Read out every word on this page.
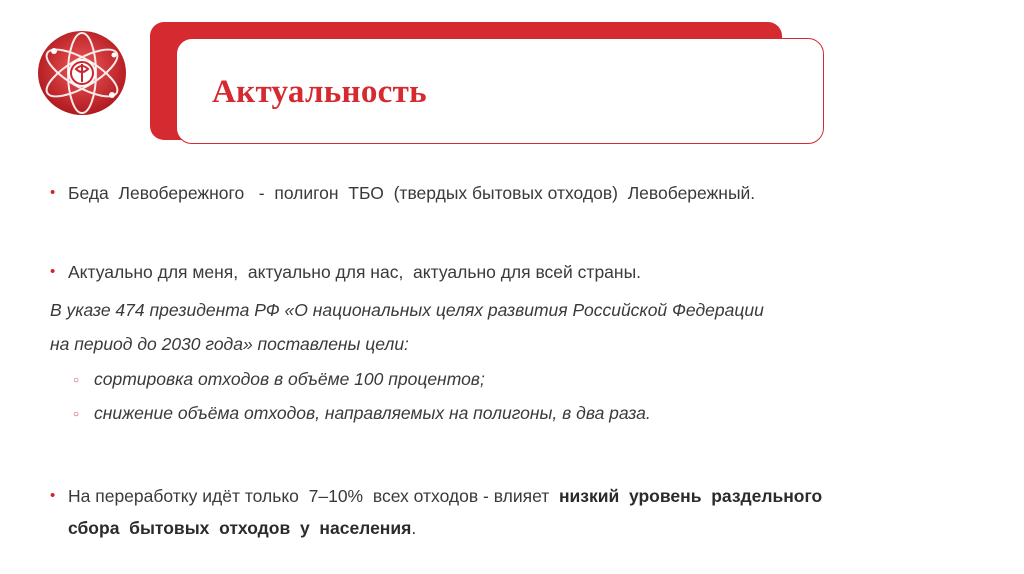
Актуальность
• Беда  Левобережного   -  полигон  ТБО  (твердых бытовых отходов)  Левобережный.
• Актуально для меня,  актуально для нас,  актуально для всей страны.
В указе 474 президента РФ «О национальных целях развития Российской Федерации
на период до 2030 года» поставлены цели:
○ сортировка отходов в объёме 100 процентов;
○ снижение объёма отходов, направляемых на полигоны, в два раза.
• На переработку идёт только  7–10%  всех отходов - влияет  низкий  уровень  раздельного
сбора  бытовых  отходов  у  населения.
